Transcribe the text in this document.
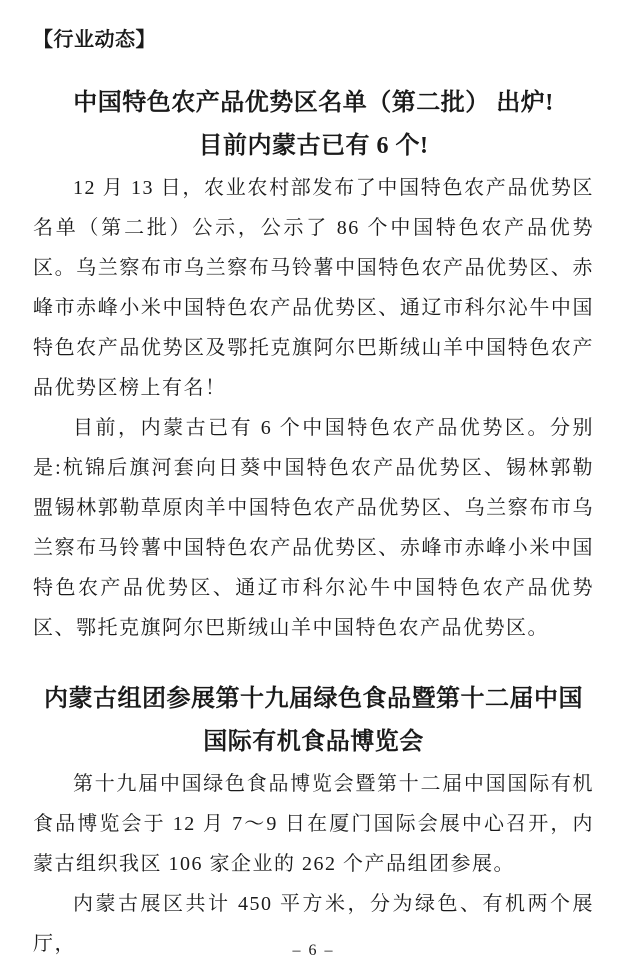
【行业动态】
中国特色农产品优势区名单（第二批） 出炉!
目前内蒙古已有 6 个!

12 月 13 日，农业农村部发布了中国特色农产品优势区名单（第二批）公示，公示了 86 个中国特色农产品优势区。乌兰察布市乌兰察布马铃薯中国特色农产品优势区、赤峰市赤峰小米中国特色农产品优势区、通辽市科尔沁牛中国特色农产品优势区及鄂托克旗阿尔巴斯绒山羊中国特色农产品优势区榜上有名！

目前，内蒙古已有 6 个中国特色农产品优势区。分别是:杭锦后旗河套向日葵中国特色农产品优势区、锡林郭勒盟锡林郭勒草原肉羊中国特色农产品优势区、乌兰察布市乌兰察布马铃薯中国特色农产品优势区、赤峰市赤峰小米中国特色农产品优势区、通辽市科尔沁牛中国特色农产品优势区、鄂托克旗阿尔巴斯绒山羊中国特色农产品优势区。

内蒙古组团参展第十九届绿色食品暨第十二届中国
国际有机食品博览会

第十九届中国绿色食品博览会暨第十二届中国国际有机食品博览会于 12 月 7～9 日在厦门国际会展中心召开，内蒙古组织我区 106 家企业的 262 个产品组团参展。

内蒙古展区共计 450 平方米，分为绿色、有机两个展厅，	– 6 –
